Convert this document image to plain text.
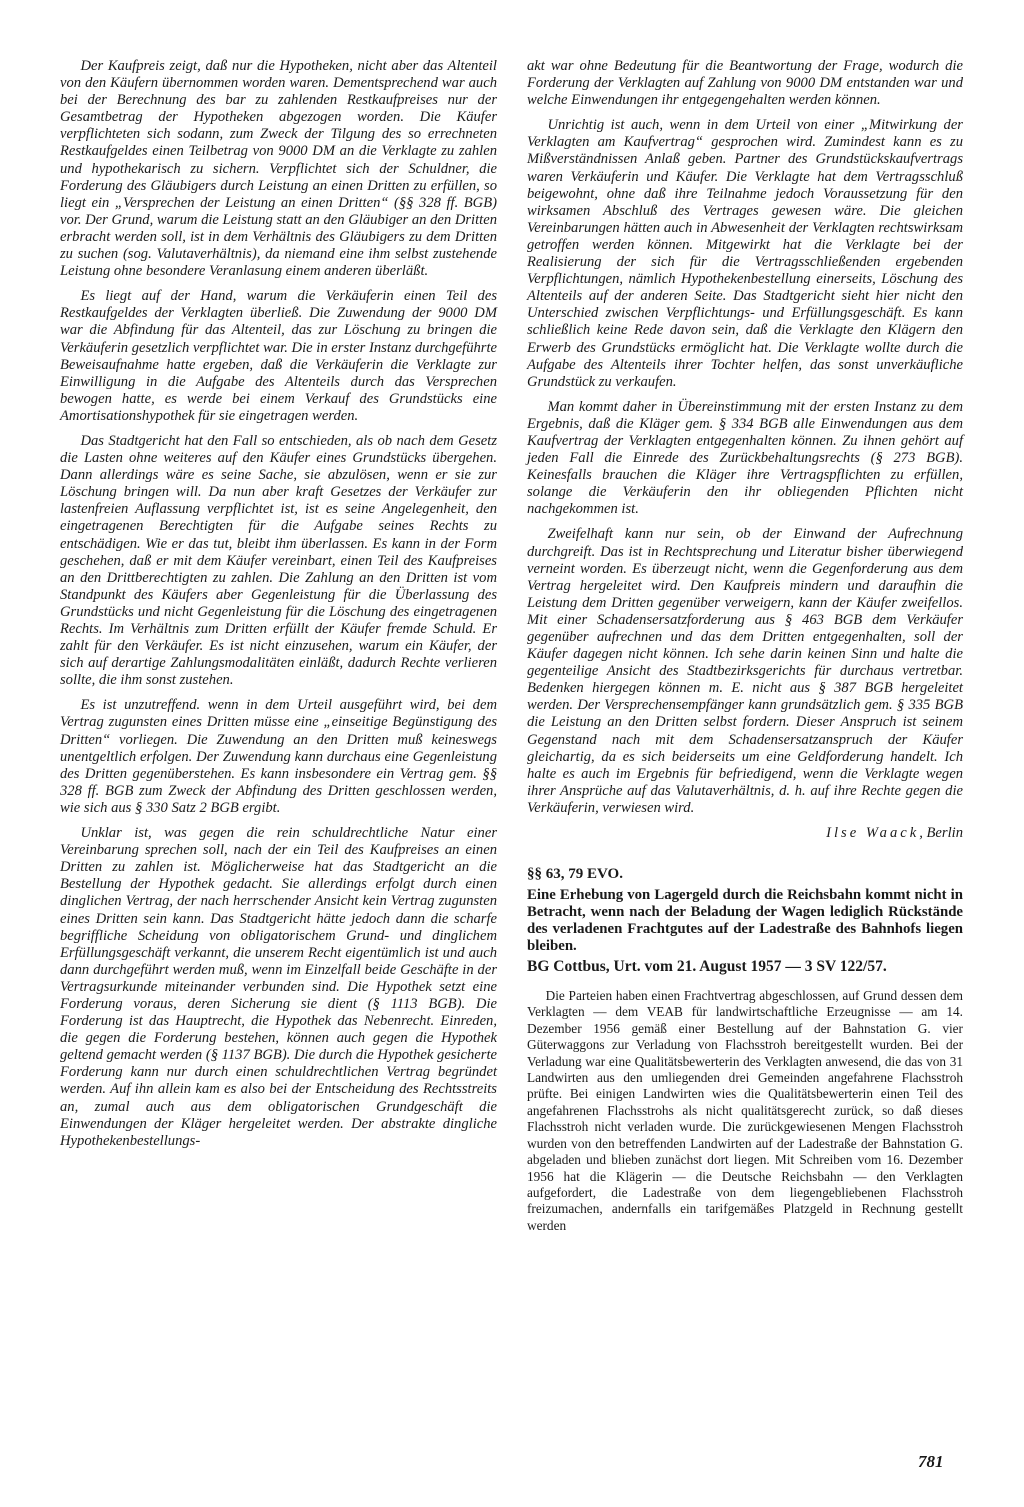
Der Kaufpreis zeigt, daß nur die Hypotheken, nicht aber das Altenteil von den Käufern übernommen worden waren. Dementsprechend war auch bei der Berechnung des bar zu zahlenden Restkaufpreises nur der Gesamtbetrag der Hypotheken abgezogen worden. Die Käufer verpflichteten sich sodann, zum Zweck der Tilgung des so errechneten Restkaufgeldes einen Teilbetrag von 9000 DM an die Verklagte zu zahlen und hypothekarisch zu sichern. Verpflichtet sich der Schuldner, die Forderung des Gläubigers durch Leistung an einen Dritten zu erfüllen, so liegt ein „Versprechen der Leistung an einen Dritten“ (§§ 328 ff. BGB) vor. Der Grund, warum die Leistung statt an den Gläubiger an den Dritten erbracht werden soll, ist in dem Verhältnis des Gläubigers zu dem Dritten zu suchen (sog. Valutaverhältnis), da niemand eine ihm selbst zustehende Leistung ohne besondere Veranlasung einem anderen überläßt.

Es liegt auf der Hand, warum die Verkäuferin einen Teil des Restkaufgeldes der Verklagten überließ. Die Zuwendung der 9000 DM war die Abfindung für das Altenteil, das zur Löschung zu bringen die Verkäuferin gesetzlich verpflichtet war. Die in erster Instanz durchgeführte Beweisaufnahme hatte ergeben, daß die Verkäuferin die Verklagte zur Einwilligung in die Aufgabe des Altenteils durch das Versprechen bewogen hatte, es werde bei einem Verkauf des Grundstücks eine Amortisationshypothek für sie eingetragen werden.

Das Stadtgericht hat den Fall so entschieden, als ob nach dem Gesetz die Lasten ohne weiteres auf den Käufer eines Grundstücks übergehen. Dann allerdings wäre es seine Sache, sie abzulösen, wenn er sie zur Löschung bringen will. Da nun aber kraft Gesetzes der Verkäufer zur lastenfreien Auflassung verpflichtet ist, ist es seine Angelegenheit, den eingetragenen Berechtigten für die Aufgabe seines Rechts zu entschädigen. Wie er das tut, bleibt ihm überlassen. Es kann in der Form geschehen, daß er mit dem Käufer vereinbart, einen Teil des Kaufpreises an den Drittberechtigten zu zahlen. Die Zahlung an den Dritten ist vom Standpunkt des Käufers aber Gegenleistung für die Überlassung des Grundstücks und nicht Gegenleistung für die Löschung des eingetragenen Rechts. Im Verhältnis zum Dritten erfüllt der Käufer fremde Schuld. Er zahlt für den Verkäufer. Es ist nicht einzusehen, warum ein Käufer, der sich auf derartige Zahlungsmodalitäten einläßt, dadurch Rechte verlieren sollte, die ihm sonst zustehen.

Es ist unzutreffend. wenn in dem Urteil ausgeführt wird, bei dem Vertrag zugunsten eines Dritten müsse eine „einseitige Begünstigung des Dritten“ vorliegen. Die Zuwendung an den Dritten muß keineswegs unentgeltlich erfolgen. Der Zuwendung kann durchaus eine Gegenleistung des Dritten gegenüberstehen. Es kann insbesondere ein Vertrag gem. §§ 328 ff. BGB zum Zweck der Abfindung des Dritten geschlossen werden, wie sich aus § 330 Satz 2 BGB ergibt.

Unklar ist, was gegen die rein schuldrechtliche Natur einer Vereinbarung sprechen soll, nach der ein Teil des Kaufpreises an einen Dritten zu zahlen ist. Möglicherweise hat das Stadtgericht an die Bestellung der Hypothek gedacht. Sie allerdings erfolgt durch einen dinglichen Vertrag, der nach herrschender Ansicht kein Vertrag zugunsten eines Dritten sein kann. Das Stadtgericht hätte jedoch dann die scharfe begriffliche Scheidung von obligatorischem Grund- und dinglichem Erfüllungsgeschäft verkannt, die unserem Recht eigentümlich ist und auch dann durchgeführt werden muß, wenn im Einzelfall beide Geschäfte in der Vertragsurkunde miteinander verbunden sind. Die Hypothek setzt eine Forderung voraus, deren Sicherung sie dient (§ 1113 BGB). Die Forderung ist das Hauptrecht, die Hypothek das Nebenrecht. Einreden, die gegen die Forderung bestehen, können auch gegen die Hypothek geltend gemacht werden (§ 1137 BGB). Die durch die Hypothek gesicherte Forderung kann nur durch einen schuldrechtlichen Vertrag begründet werden. Auf ihn allein kam es also bei der Entscheidung des Rechtsstreits an, zumal auch aus dem obligatorischen Grundgeschäft die Einwendungen der Kläger hergeleitet werden. Der abstrakte dingliche Hypothekenbestellungs-

akt war ohne Bedeutung für die Beantwortung der Frage, wodurch die Forderung der Verklagten auf Zahlung von 9000 DM entstanden war und welche Einwendungen ihr entgegengehalten werden können.

Unrichtig ist auch, wenn in dem Urteil von einer „Mitwirkung der Verklagten am Kaufvertrag“ gesprochen wird. Zumindest kann es zu Mißverständnissen Anlaß geben. Partner des Grundstückskaufvertrags waren Verkäuferin und Käufer. Die Verklagte hat dem Vertragsschluß beigewohnt, ohne daß ihre Teilnahme jedoch Voraussetzung für den wirksamen Abschluß des Vertrages gewesen wäre. Die gleichen Vereinbarungen hätten auch in Abwesenheit der Verklagten rechtswirksam getroffen werden können. Mitgewirkt hat die Verklagte bei der Realisierung der sich für die Vertragsschließenden ergebenden Verpflichtungen, nämlich Hypothekenbestellung einerseits, Löschung des Altenteils auf der anderen Seite. Das Stadtgericht sieht hier nicht den Unterschied zwischen Verpflichtungs- und Erfüllungsgeschäft. Es kann schließlich keine Rede davon sein, daß die Verklagte den Klägern den Erwerb des Grundstücks ermöglicht hat. Die Verklagte wollte durch die Aufgabe des Altenteils ihrer Tochter helfen, das sonst unverkäufliche Grundstück zu verkaufen.

Man kommt daher in Übereinstimmung mit der ersten Instanz zu dem Ergebnis, daß die Kläger gem. § 334 BGB alle Einwendungen aus dem Kaufvertrag der Verklagten entgegenhalten können. Zu ihnen gehört auf jeden Fall die Einrede des Zurückbehaltungsrechts (§ 273 BGB). Keinesfalls brauchen die Kläger ihre Vertragspflichten zu erfüllen, solange die Verkäuferin den ihr obliegenden Pflichten nicht nachgekommen ist.

Zweifelhaft kann nur sein, ob der Einwand der Aufrechnung durchgreift. Das ist in Rechtsprechung und Literatur bisher überwiegend verneint worden. Es überzeugt nicht, wenn die Gegenforderung aus dem Vertrag hergeleitet wird. Den Kaufpreis mindern und daraufhin die Leistung dem Dritten gegenüber verweigern, kann der Käufer zweifellos. Mit einer Schadensersatzforderung aus § 463 BGB dem Verkäufer gegenüber aufrechnen und das dem Dritten entgegenhalten, soll der Käufer dagegen nicht können. Ich sehe darin keinen Sinn und halte die gegenteilige Ansicht des Stadtbezirksgerichts für durchaus vertretbar. Bedenken hiergegen können m. E. nicht aus § 387 BGB hergeleitet werden. Der Versprechensempfänger kann grundsätzlich gem. § 335 BGB die Leistung an den Dritten selbst fordern. Dieser Anspruch ist seinem Gegenstand nach mit dem Schadensersatzanspruch der Käufer gleichartig, da es sich beiderseits um eine Geldforderung handelt. Ich halte es auch im Ergebnis für befriedigend, wenn die Verklagte wegen ihrer Ansprüche auf das Valutaverhältnis, d. h. auf ihre Rechte gegen die Verkäuferin, verwiesen wird.

Ilse Waack, Berlin

§§ 63, 79 EVO.

Eine Erhebung von Lagergeld durch die Reichsbahn kommt nicht in Betracht, wenn nach der Beladung der Wagen lediglich Rückstände des verladenen Frachtgutes auf der Ladestraße des Bahnhofs liegen bleiben.

BG Cottbus, Urt. vom 21. August 1957 — 3 SV 122/57.

Die Parteien haben einen Frachtvertrag abgeschlossen, auf Grund dessen dem Verklagten — dem VEAB für landwirtschaftliche Erzeugnisse — am 14. Dezember 1956 gemäß einer Bestellung auf der Bahnstation G. vier Güterwaggons zur Verladung von Flachsstroh bereitgestellt wurden. Bei der Verladung war eine Qualitätsbewerterin des Verklagten anwesend, die das von 31 Landwirten aus den umliegenden drei Gemeinden angefahrene Flachsstroh prüfte. Bei einigen Landwirten wies die Qualitätsbewerterin einen Teil des angefahrenen Flachsstrohs als nicht qualitätsgerecht zurück, so daß dieses Flachsstroh nicht verladen wurde. Die zurückgewiesenen Mengen Flachsstroh wurden von den betreffenden Landwirten auf der Ladestraße der Bahnstation G. abgeladen und blieben zunächst dort liegen. Mit Schreiben vom 16. Dezember 1956 hat die Klägerin — die Deutsche Reichsbahn — den Verklagten aufgefordert, die Ladestraße von dem liegengebliebenen Flachsstroh freizumachen, andernfalls ein tarifgemäßes Platzgeld in Rechnung gestellt werden

781
